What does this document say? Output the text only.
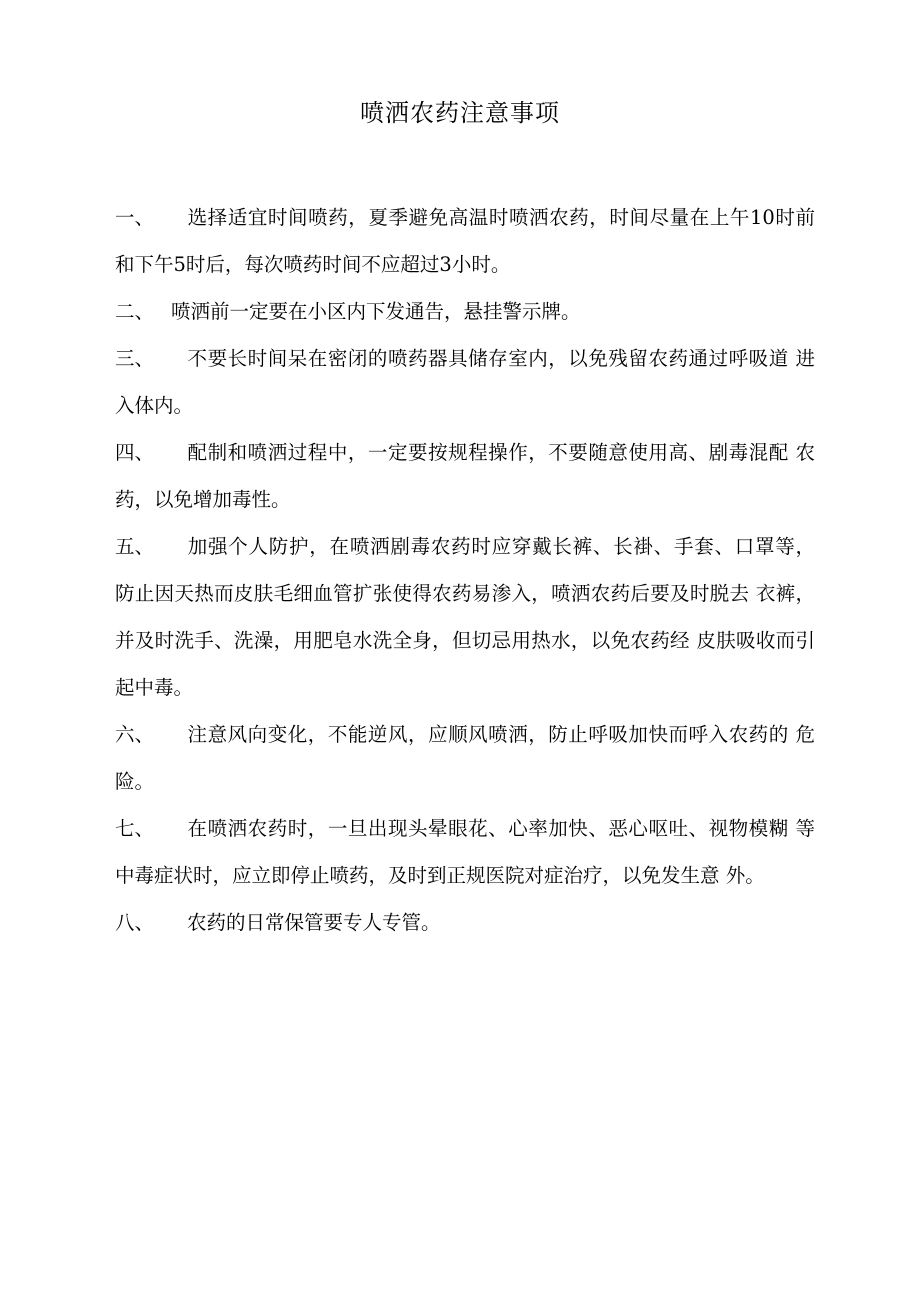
喷洒农药注意事项

一、 选择适宜时间喷药，夏季避免高温时喷洒农药，时间尽量在上午10时前和下午5时后，每次喷药时间不应超过3小时。

二、 喷洒前一定要在小区内下发通告，悬挂警示牌。

三、 不要长时间呆在密闭的喷药器具储存室内，以免残留农药通过呼吸道 进入体内。

四、 配制和喷洒过程中，一定要按规程操作，不要随意使用高、剧毒混配 农药，以免增加毒性。

五、 加强个人防护，在喷洒剧毒农药时应穿戴长裤、长褂、手套、口罩等， 防止因天热而皮肤毛细血管扩张使得农药易渗入，喷洒农药后要及时脱去 衣裤，并及时洗手、洗澡，用肥皂水洗全身，但切忌用热水，以免农药经 皮肤吸收而引起中毒。

六、 注意风向变化，不能逆风，应顺风喷洒，防止呼吸加快而呼入农药的 危险。

七、 在喷洒农药时，一旦出现头晕眼花、心率加快、恶心呕吐、视物模糊 等中毒症状时，应立即停止喷药，及时到正规医院对症治疗，以免发生意 外。

八、 农药的日常保管要专人专管。
